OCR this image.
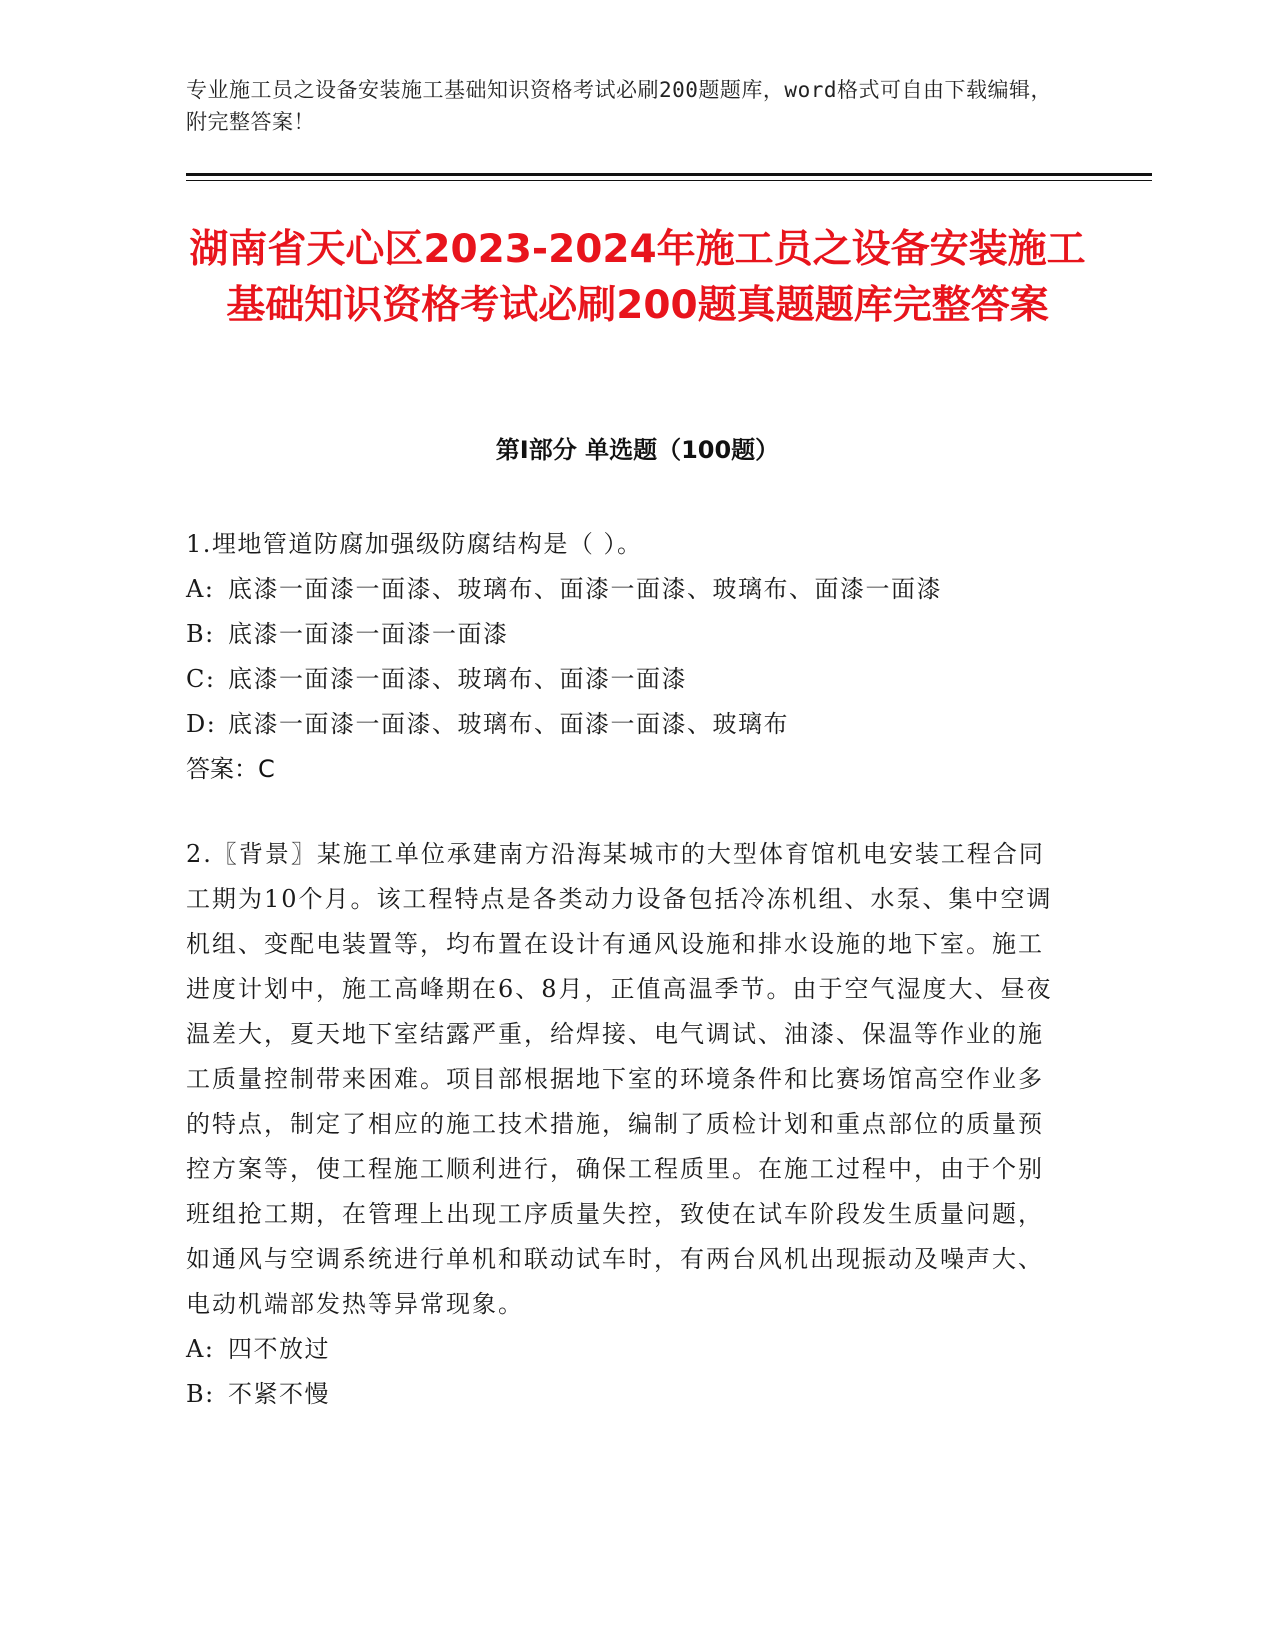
专业施工员之设备安装施工基础知识资格考试必刷200题题库，word格式可自由下载编辑，附完整答案！
湖南省天心区2023-2024年施工员之设备安装施工基础知识资格考试必刷200题真题题库完整答案
第Ⅰ部分 单选题（100题）
1.埋地管道防腐加强级防腐结构是（ ）。
A: 底漆一面漆一面漆、玻璃布、面漆一面漆、玻璃布、面漆一面漆
B: 底漆一面漆一面漆一面漆
C: 底漆一面漆一面漆、玻璃布、面漆一面漆
D: 底漆一面漆一面漆、玻璃布、面漆一面漆、玻璃布
答案：C
2.〖背景〗某施工单位承建南方沿海某城市的大型体育馆机电安装工程合同工期为10个月。该工程特点是各类动力设备包括冷冻机组、水泵、集中空调机组、变配电装置等，均布置在设计有通风设施和排水设施的地下室。施工进度计划中，施工高峰期在6、8月，正值高温季节。由于空气湿度大、昼夜温差大，夏天地下室结露严重，给焊接、电气调试、油漆、保温等作业的施工质量控制带来困难。项目部根据地下室的环境条件和比赛场馆高空作业多的特点，制定了相应的施工技术措施，编制了质检计划和重点部位的质量预控方案等，使工程施工顺利进行，确保工程质里。在施工过程中，由于个别班组抢工期，在管理上出现工序质量失控，致使在试车阶段发生质量问题，如通风与空调系统进行单机和联动试车时，有两台风机出现振动及噪声大、电动机端部发热等异常现象。
A: 四不放过
B: 不紧不慢
